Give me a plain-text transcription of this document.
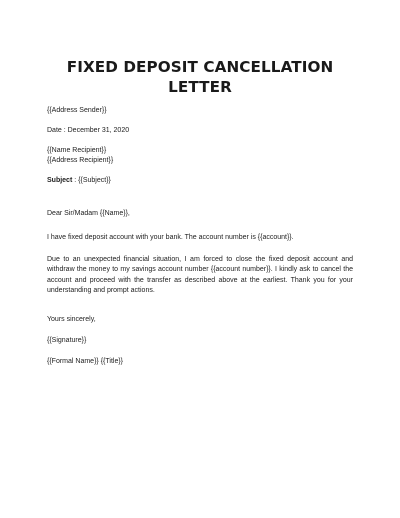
FIXED DEPOSIT CANCELLATION LETTER
{{Address Sender}}
Date : December 31, 2020
{{Name Recipient}}
{{Address Recipient}}
Subject : {{Subject}}
Dear Sir/Madam {{Name}},

I have fixed deposit account with your bank. The account number is {{account}}.

Due to an unexpected financial situation, I am forced to close the fixed deposit account and withdraw the money to my savings account number {{account number}}. I kindly ask to cancel the account and proceed with the transfer as described above at the earliest. Thank you for your understanding and prompt actions.

Yours sincerely,
{{Signature}}
{{Formal Name}} {{Title}}
